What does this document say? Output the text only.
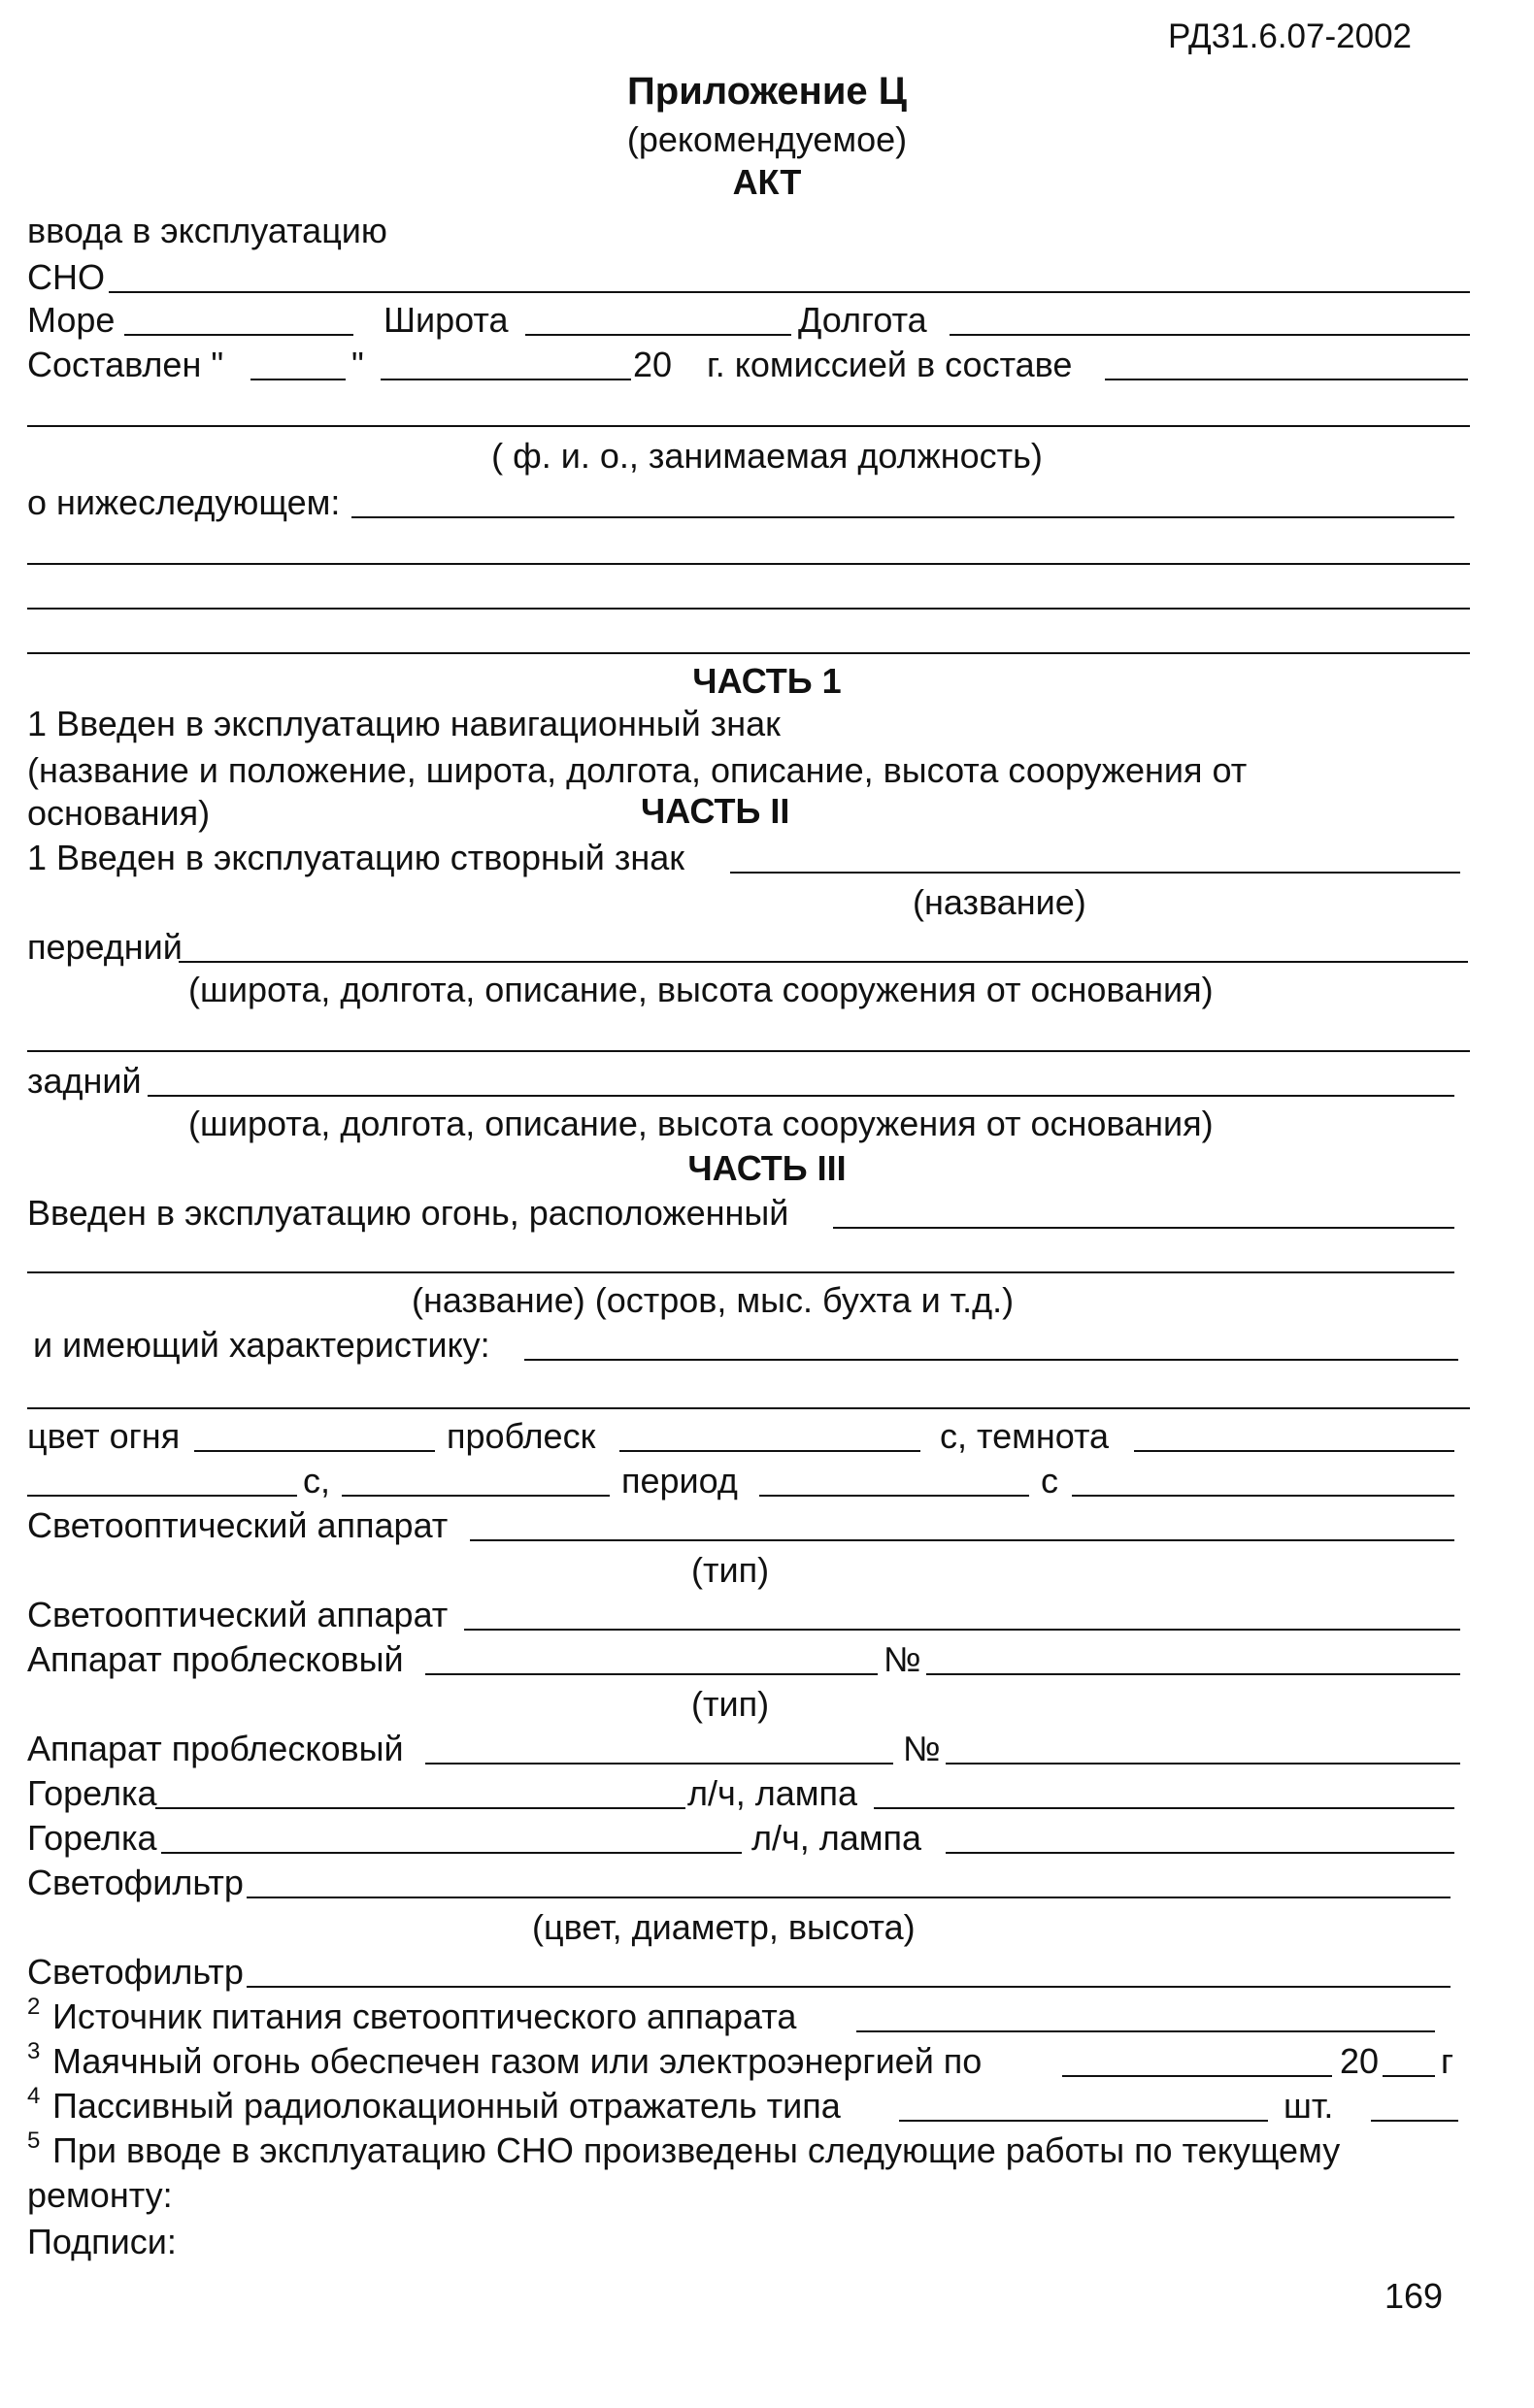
РД31.6.07-2002
Приложение Ц
(рекомендуемое)
АКТ
ввода в эксплуатацию
СНО
Море	Широта	Долгота
Составлен "	"	20 г. комиссией в составе
( ф. и. о., занимаемая должность)
о нижеследующем:
ЧАСТЬ 1
1 Введен в эксплуатацию навигационный знак
(название и положение, широта, долгота, описание, высота сооружения от
основания)	ЧАСТЬ II
1 Введен в эксплуатацию створный знак
(название)
передний
(широта, долгота, описание, высота сооружения от основания)
задний
(широта, долгота, описание, высота сооружения от основания)
ЧАСТЬ III
Введен в эксплуатацию огонь, расположенный
(название) (остров, мыс. бухта и т.д.)
и имеющий характеристику:
цвет огня	проблеск	с, темнота
с,	период	с
Светооптический аппарат
(тип)
Светооптический аппарат
Аппарат проблесковый	№
(тип)
Аппарат проблесковый	№
Горелка	л/ч, лампа
Горелка	л/ч, лампа
Светофильтр
(цвет, диаметр, высота)
Светофильтр
2 Источник питания светооптического аппарата
3 Маячный огонь обеспечен газом или электроэнергией по	20 г
4 Пассивный радиолокационный отражатель типа	шт.
5 При вводе в эксплуатацию СНО произведены следующие работы по текущему
ремонту:
Подписи:
169
